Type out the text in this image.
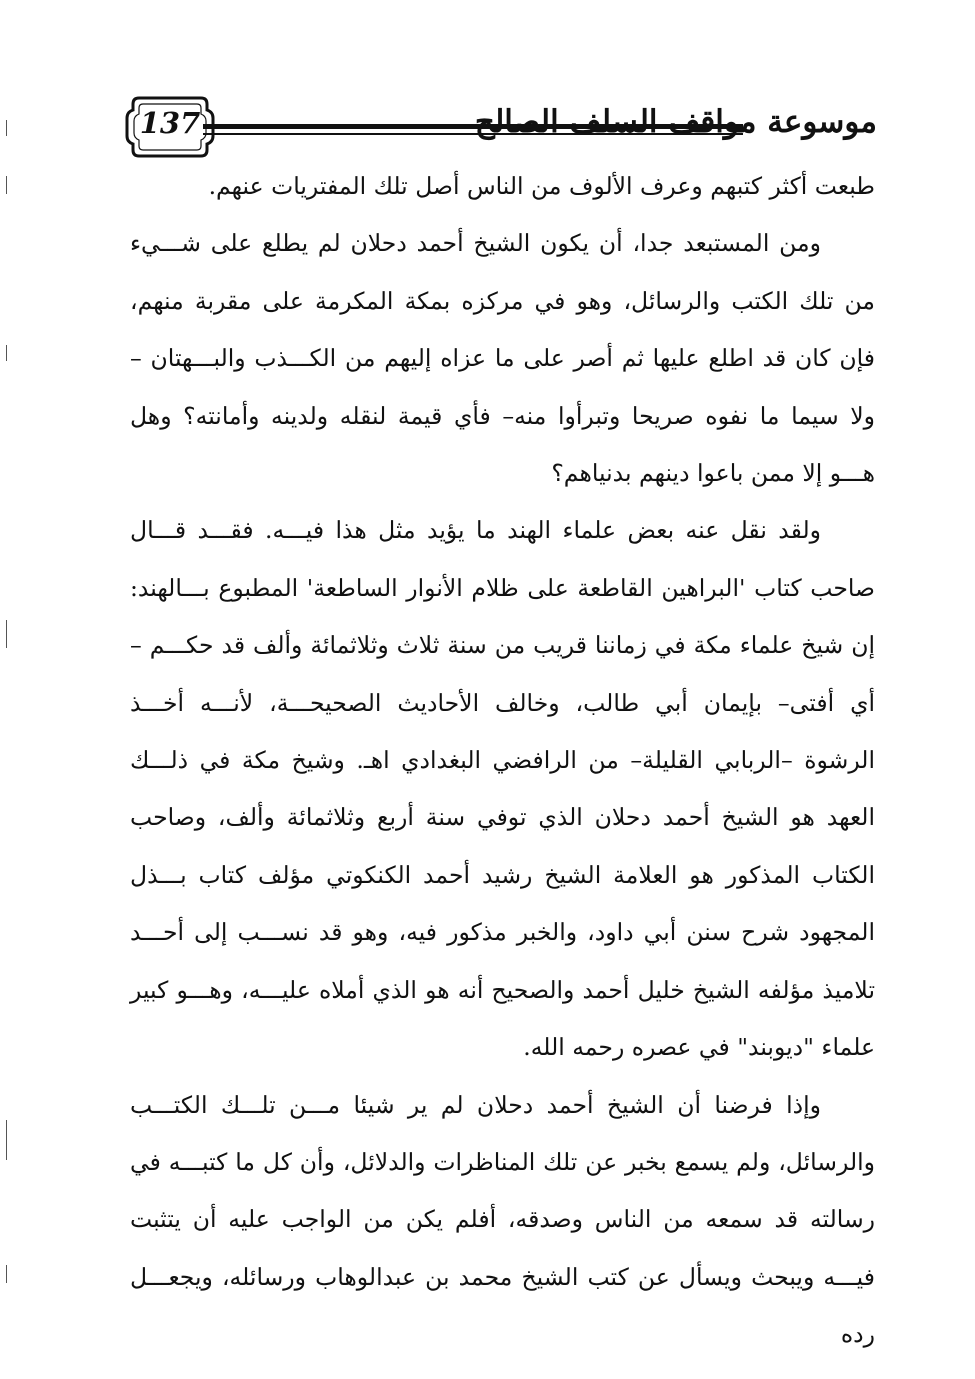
137	موسوعة مواقف السلف الصالح

طبعت أكثر كتبهم وعرف الألوف من الناس أصل تلك المفتريات عنهم.

ومن المستبعد جدا، أن يكون الشيخ أحمد دحلان لم يطلع على شـــيء من تلك الكتب والرسائل، وهو في مركزه بمكة المكرمة على مقربة منهم، فإن كان قد اطلع عليها ثم أصر على ما عزاه إليهم من الكـــذب والبـــهتان –ولا سيما ما نفوه صريحا وتبرأوا منه– فأي قيمة لنقله ولدينه وأمانته؟ وهل هـــو إلا ممن باعوا دينهم بدنياهم؟

ولقد نقل عنه بعض علماء الهند ما يؤيد مثل هذا فيـــه. فقـــد قـــال صاحب كتاب 'البراهين القاطعة على ظلام الأنوار الساطعة' المطبوع بـــالهند: إن شيخ علماء مكة في زماننا قريب من سنة ثلاث وثلاثمائة وألف قد حكـــم –أي أفتى– بإيمان أبي طالب، وخالف الأحاديث الصحيحـــة، لأنـــه أخـــذ الرشوة –الربابي القليلة– من الرافضي البغدادي اهـ. وشيخ مكة في ذلـــك العهد هو الشيخ أحمد دحلان الذي توفي سنة أربع وثلاثمائة وألف، وصاحب الكتاب المذكور هو العلامة الشيخ رشيد أحمد الكنكوتي مؤلف كتاب بـــذل المجهود شرح سنن أبي داود، والخبر مذكور فيه، وهو قد نســـب إلى أحـــد تلاميذ مؤلفه الشيخ خليل أحمد والصحيح أنه هو الذي أملاه عليـــه، وهـــو كبير علماء "ديوبند" في عصره رحمه الله.

وإذا فرضنا أن الشيخ أحمد دحلان لم ير شيئا مـــن تلـــك الكتـــب والرسائل، ولم يسمع بخبر عن تلك المناظرات والدلائل، وأن كل ما كتبـــه في رسالته قد سمعه من الناس وصدقه، أفلم يكن من الواجب عليه أن يتثبت فيـــه ويبحث ويسأل عن كتب الشيخ محمد بن عبدالوهاب ورسائله، ويجعـــل رده
